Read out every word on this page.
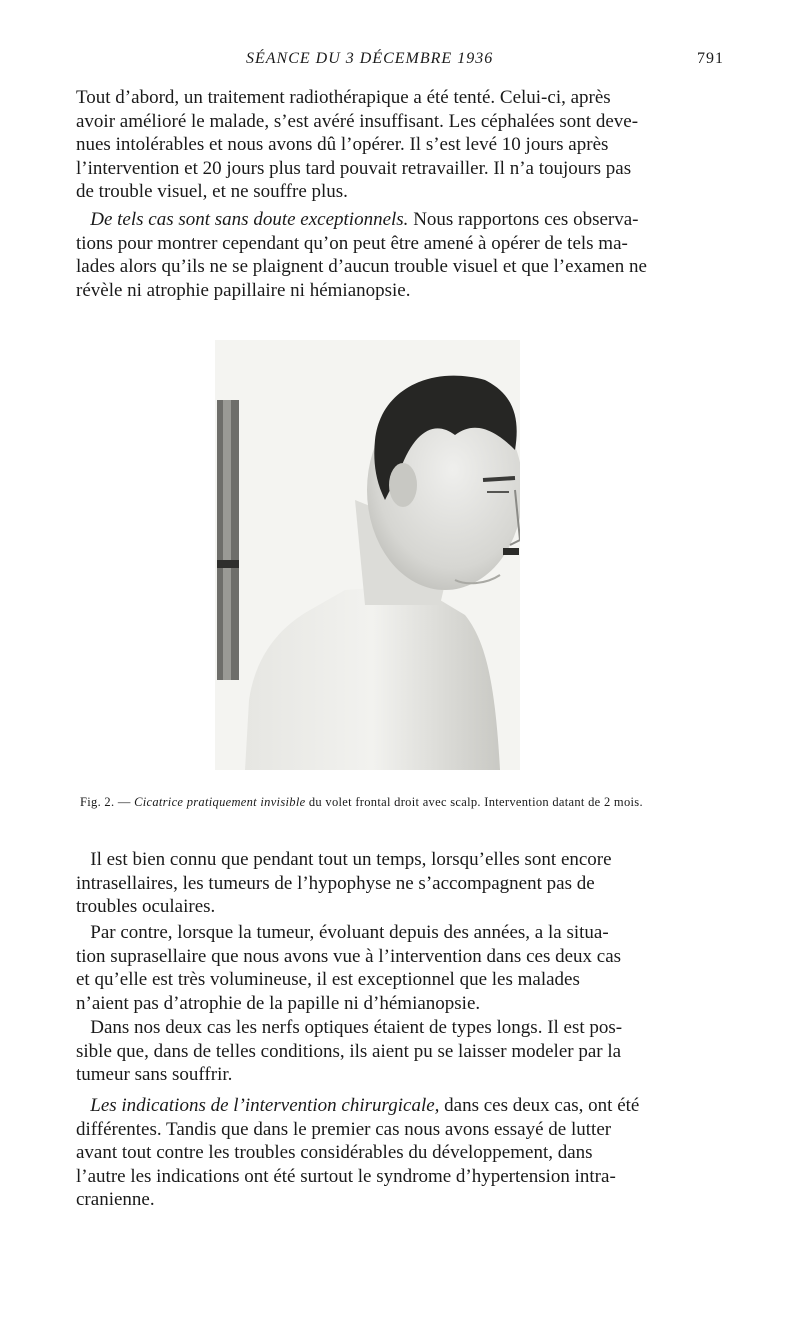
SÉANCE DU 3 DÉCEMBRE 1936	791
Tout d’abord, un traitement radiothérapique a été tenté. Celui-ci, après
avoir amélioré le malade, s’est avéré insuffisant. Les céphalées sont deve-
nues intolérables et nous avons dû l’opérer. Il s’est levé 10 jours après
l’intervention et 20 jours plus tard pouvait retravailler. Il n’a toujours pas
de trouble visuel, et ne souffre plus.
De tels cas sont sans doute exceptionnels. Nous rapportons ces observa-
tions pour montrer cependant qu’on peut être amené à opérer de tels ma-
lades alors qu’ils ne se plaignent d’aucun trouble visuel et que l’examen ne
révèle ni atrophie papillaire ni hémianopsie.
Fig. 2. — Cicatrice pratiquement invisible du volet frontal droit avec scalp. Intervention datant de 2 mois.
Il est bien connu que pendant tout un temps, lorsqu’elles sont encore
intrasellaires, les tumeurs de l’hypophyse ne s’accompagnent pas de
troubles oculaires.
Par contre, lorsque la tumeur, évoluant depuis des années, a la situa-
tion suprasellaire que nous avons vue à l’intervention dans ces deux cas
et qu’elle est très volumineuse, il est exceptionnel que les malades
n’aient pas d’atrophie de la papille ni d’hémianopsie.
Dans nos deux cas les nerfs optiques étaient de types longs. Il est pos-
sible que, dans de telles conditions, ils aient pu se laisser modeler par la
tumeur sans souffrir.
Les indications de l’intervention chirurgicale, dans ces deux cas, ont été
différentes. Tandis que dans le premier cas nous avons essayé de lutter
avant tout contre les troubles considérables du développement, dans
l’autre les indications ont été surtout le syndrome d’hypertension intra-
cranienne.
